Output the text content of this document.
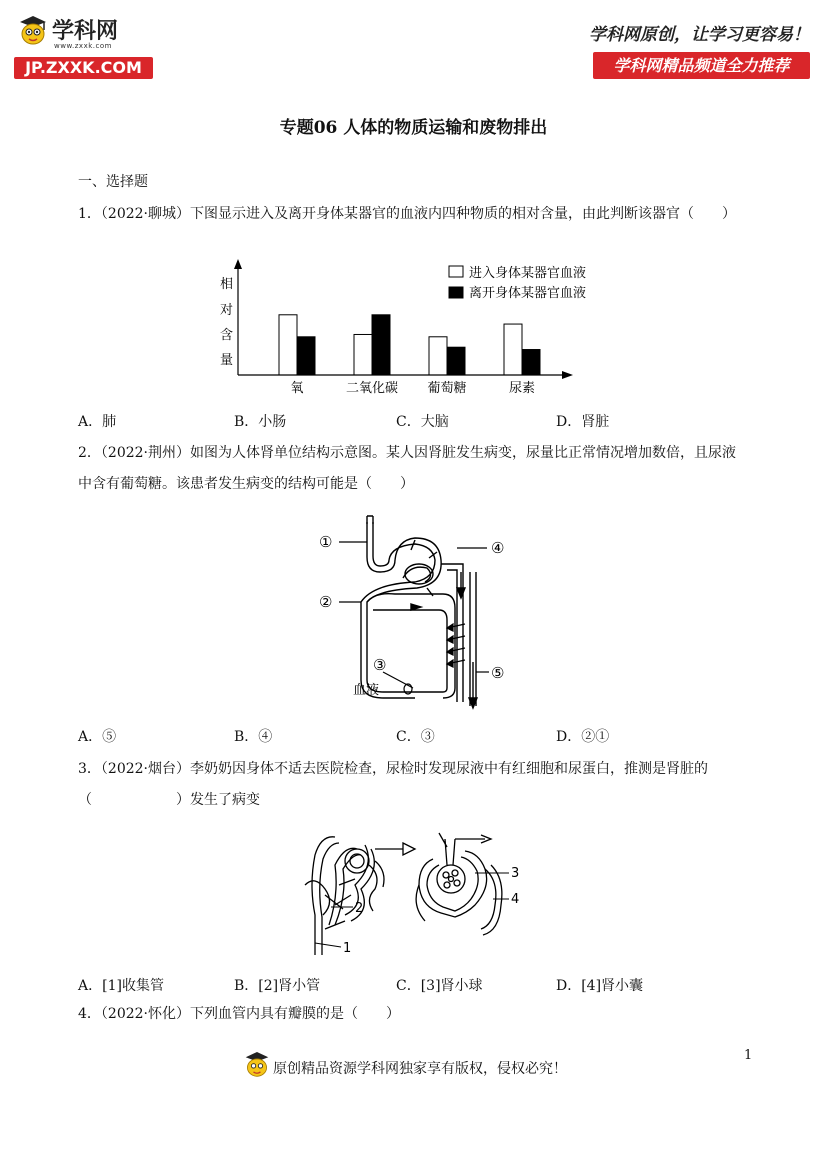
学科网
www.zxxk.com
JP.ZXXK.COM
学科网原创，让学习更容易！
学科网精品频道全力推荐
专题06 人体的物质运输和废物排出
一、选择题
1．（2022·聊城）下图显示进入及离开身体某器官的血液内四种物质的相对含量，由此判断该器官（　　）
氧	二氧化碳 葡萄糖	尿素
相
对
含
量
进入身体某器官血液
离开身体某器官血液
A．肺	B．小肠	C．大脑	D．肾脏
2．（2022·荆州）如图为人体肾单位结构示意图。某人因肾脏发生病变，尿量比正常情况增加数倍，且尿液
中含有葡萄糖。该患者发生病变的结构可能是（　　）
①
②
③
④
⑤
血液
A．⑤	B．④	C．③	D．②①
3．（2022·烟台）李奶奶因身体不适去医院检查，尿检时发现尿液中有红细胞和尿蛋白，推测是肾脏的
（　　　　　　）发生了病变
1
2
3
4
A．[1]收集管	B．[2]肾小管	C．[3]肾小球	D．[4]肾小囊
4．（2022·怀化）下列血管内具有瓣膜的是（　　）
原创精品资源学科网独家享有版权，侵权必究！
1
